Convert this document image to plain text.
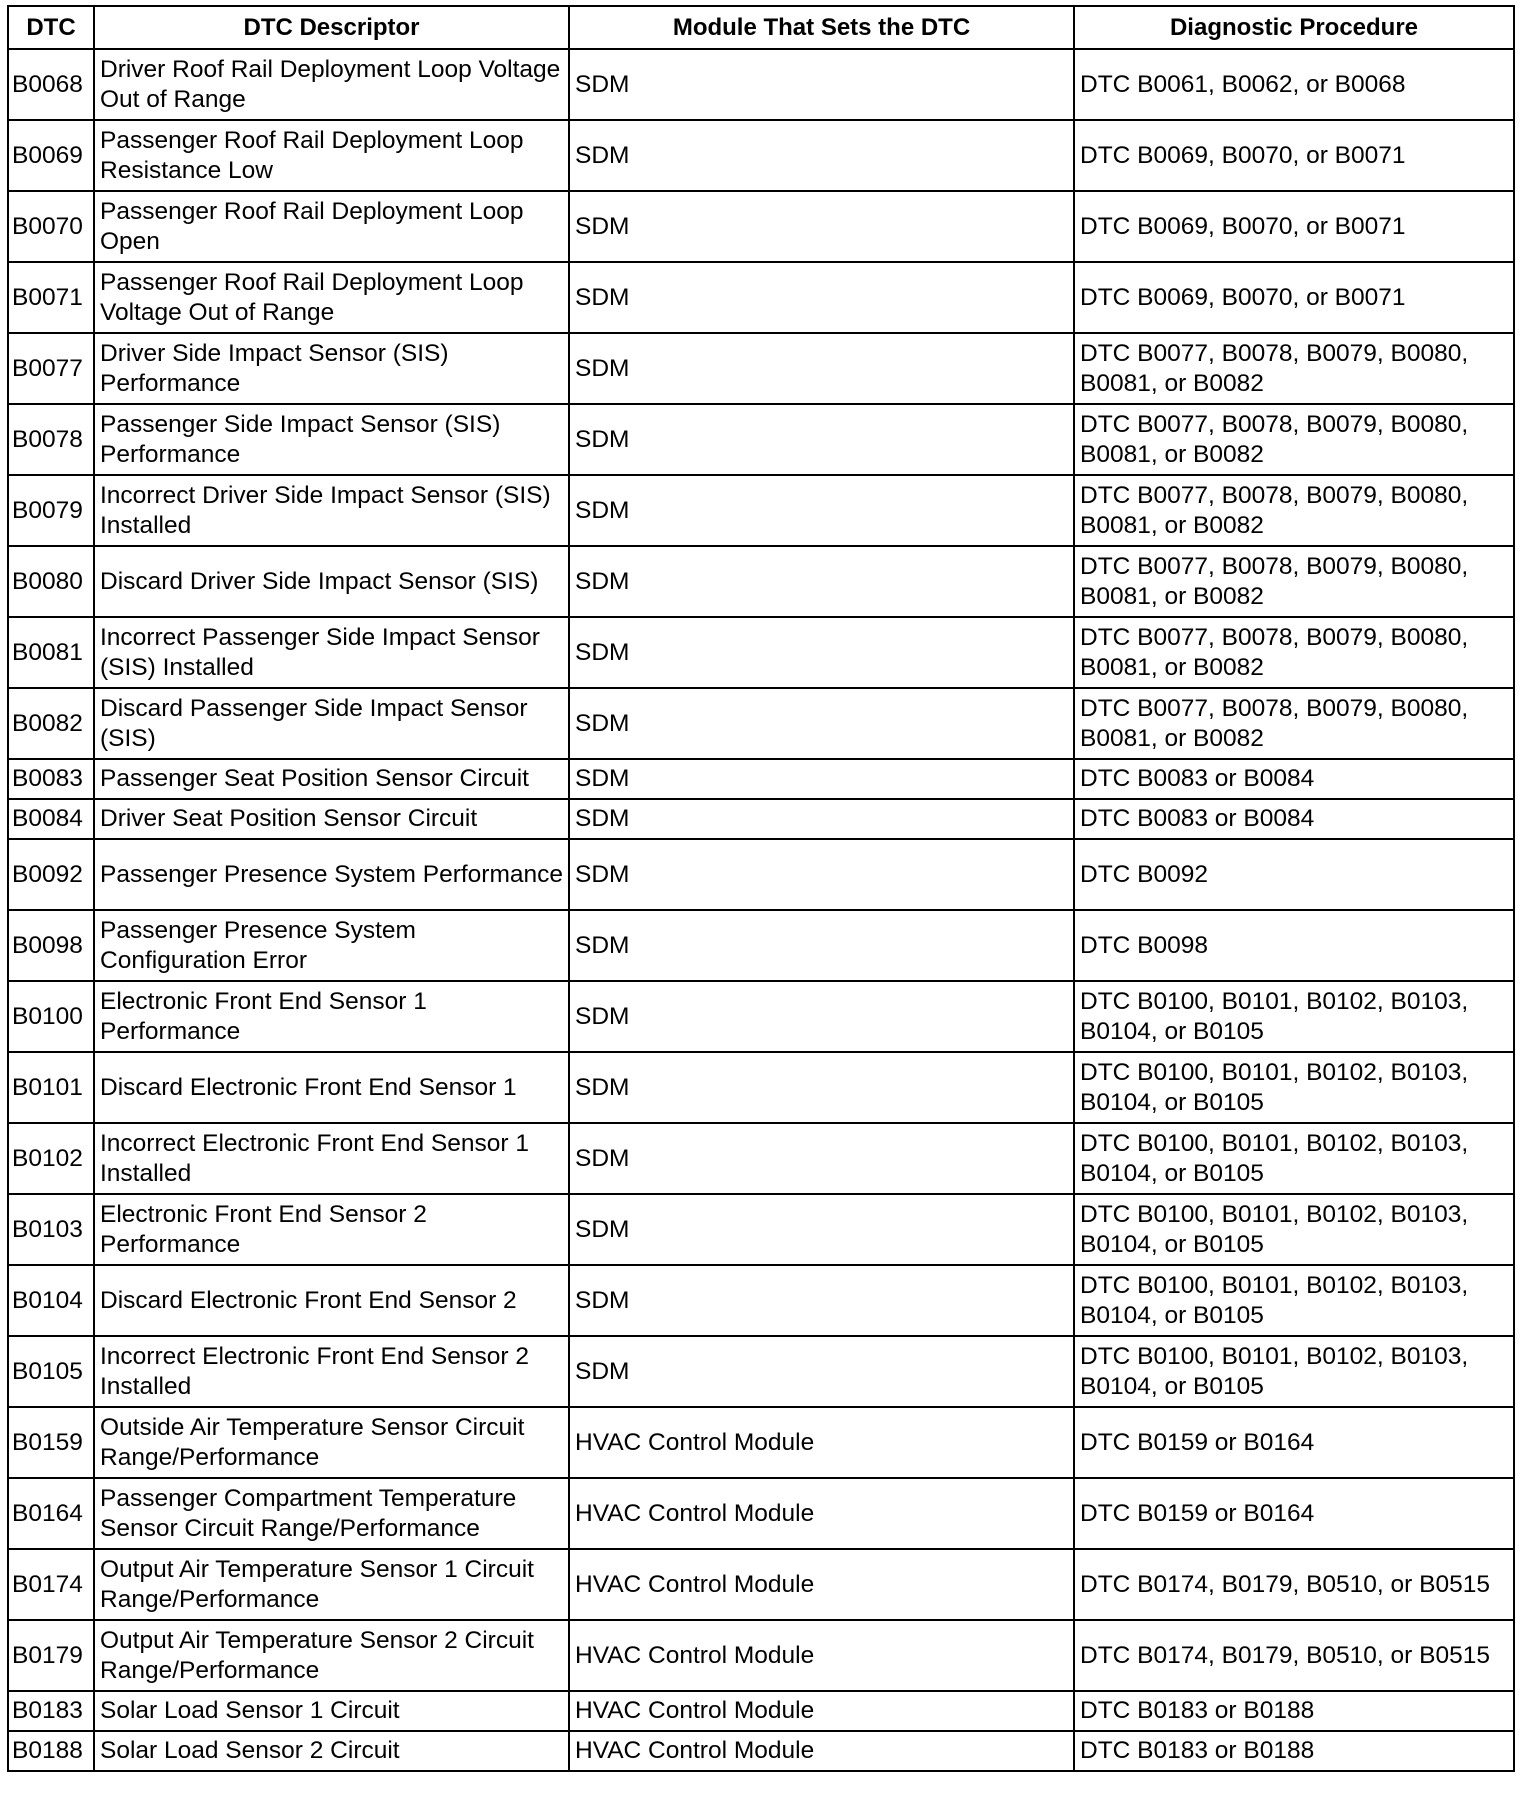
DTC	DTC Descriptor	Module That Sets the DTC	Diagnostic Procedure
B0068	Driver Roof Rail Deployment Loop Voltage Out of Range	SDM	DTC B0061, B0062, or B0068
B0069	Passenger Roof Rail Deployment Loop Resistance Low	SDM	DTC B0069, B0070, or B0071
B0070	Passenger Roof Rail Deployment Loop Open	SDM	DTC B0069, B0070, or B0071
B0071	Passenger Roof Rail Deployment Loop Voltage Out of Range	SDM	DTC B0069, B0070, or B0071
B0077	Driver Side Impact Sensor (SIS) Performance	SDM	DTC B0077, B0078, B0079, B0080, B0081, or B0082
B0078	Passenger Side Impact Sensor (SIS) Performance	SDM	DTC B0077, B0078, B0079, B0080, B0081, or B0082
B0079	Incorrect Driver Side Impact Sensor (SIS) Installed	SDM	DTC B0077, B0078, B0079, B0080, B0081, or B0082
B0080	Discard Driver Side Impact Sensor (SIS)	SDM	DTC B0077, B0078, B0079, B0080, B0081, or B0082
B0081	Incorrect Passenger Side Impact Sensor (SIS) Installed	SDM	DTC B0077, B0078, B0079, B0080, B0081, or B0082
B0082	Discard Passenger Side Impact Sensor (SIS)	SDM	DTC B0077, B0078, B0079, B0080, B0081, or B0082
B0083	Passenger Seat Position Sensor Circuit	SDM	DTC B0083 or B0084
B0084	Driver Seat Position Sensor Circuit	SDM	DTC B0083 or B0084
B0092	Passenger Presence System Performance	SDM	DTC B0092
B0098	Passenger Presence System Configuration Error	SDM	DTC B0098
B0100	Electronic Front End Sensor 1 Performance	SDM	DTC B0100, B0101, B0102, B0103, B0104, or B0105
B0101	Discard Electronic Front End Sensor 1	SDM	DTC B0100, B0101, B0102, B0103, B0104, or B0105
B0102	Incorrect Electronic Front End Sensor 1 Installed	SDM	DTC B0100, B0101, B0102, B0103, B0104, or B0105
B0103	Electronic Front End Sensor 2 Performance	SDM	DTC B0100, B0101, B0102, B0103, B0104, or B0105
B0104	Discard Electronic Front End Sensor 2	SDM	DTC B0100, B0101, B0102, B0103, B0104, or B0105
B0105	Incorrect Electronic Front End Sensor 2 Installed	SDM	DTC B0100, B0101, B0102, B0103, B0104, or B0105
B0159	Outside Air Temperature Sensor Circuit Range/Performance	HVAC Control Module	DTC B0159 or B0164
B0164	Passenger Compartment Temperature Sensor Circuit Range/Performance	HVAC Control Module	DTC B0159 or B0164
B0174	Output Air Temperature Sensor 1 Circuit Range/Performance	HVAC Control Module	DTC B0174, B0179, B0510, or B0515
B0179	Output Air Temperature Sensor 2 Circuit Range/Performance	HVAC Control Module	DTC B0174, B0179, B0510, or B0515
B0183	Solar Load Sensor 1 Circuit	HVAC Control Module	DTC B0183 or B0188
B0188	Solar Load Sensor 2 Circuit	HVAC Control Module	DTC B0183 or B0188
